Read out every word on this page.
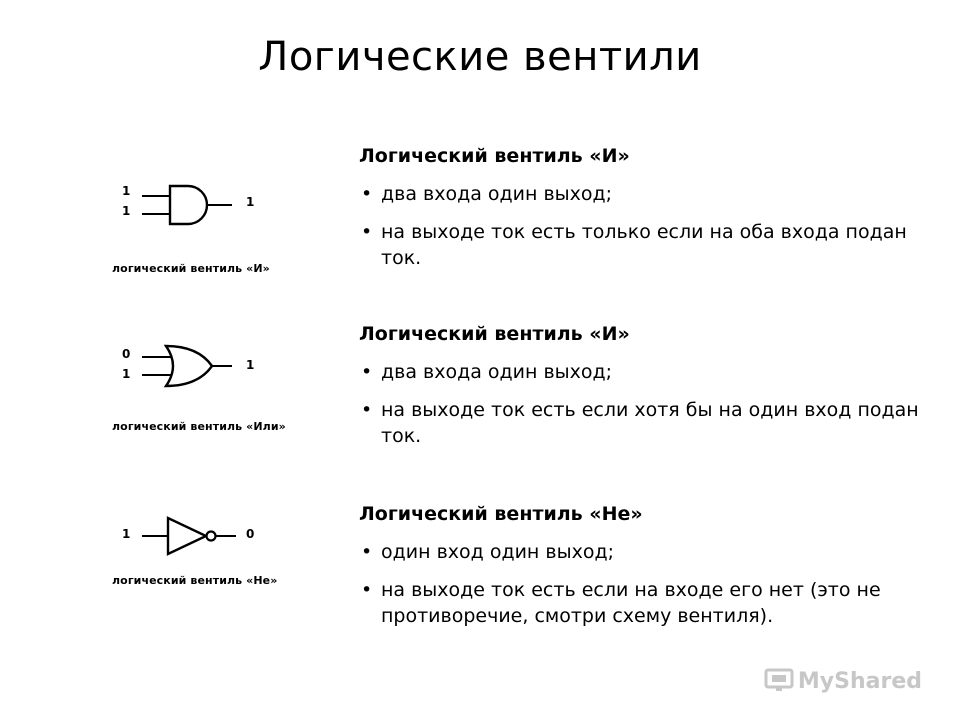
Логические вентили
1
1
1
логический вентиль «И»
0
1
1
логический вентиль «Или»
1	0
логический вентиль «Не»
Логический вентиль «И»
• два входа один выход;
• на выходе ток есть только если на оба входа подан ток.
Логический вентиль «И»
• два входа один выход;
• на выходе ток есть если хотя бы на один вход подан ток.
Логический вентиль «Не»
• один вход один выход;
• на выходе ток есть если на входе его нет (это не противоречие, смотри схему вентиля).
MyShared
